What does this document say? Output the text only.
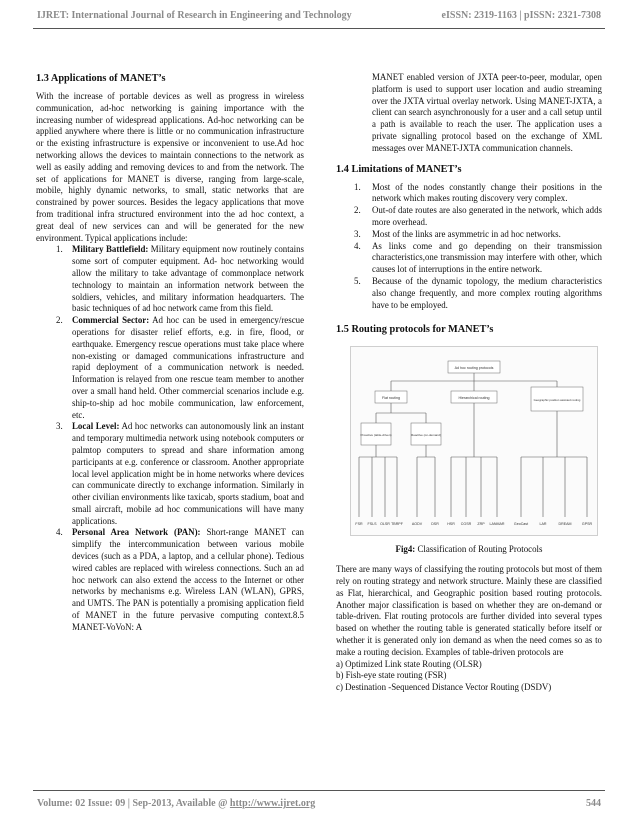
IJRET: International Journal of Research in Engineering and Technology	eISSN: 2319-1163 | pISSN: 2321-7308
1.3 Applications of MANET’s

With the increase of portable devices as well as progress in wireless communication, ad-hoc networking is gaining importance with the increasing number of widespread applications. Ad-hoc networking can be applied anywhere where there is little or no communication infrastructure or the existing infrastructure is expensive or inconvenient to use.Ad hoc networking allows the devices to maintain connections to the network as well as easily adding and removing devices to and from the network. The set of applications for MANET is diverse, ranging from large-scale, mobile, highly dynamic networks, to small, static networks that are constrained by power sources. Besides the legacy applications that move from traditional infra structured environment into the ad hoc context, a great deal of new services can and will be generated for the new environment. Typical applications include:

1. Military Battlefield: Military equipment now routinely contains some sort of computer equipment. Ad- hoc networking would allow the military to take advantage of commonplace network technology to maintain an information network between the soldiers, vehicles, and military information headquarters. The basic techniques of ad hoc network came from this field.
2. Commercial Sector: Ad hoc can be used in emergency/rescue operations for disaster relief efforts, e.g. in fire, flood, or earthquake. Emergency rescue operations must take place where non-existing or damaged communications infrastructure and rapid deployment of a communication network is needed. Information is relayed from one rescue team member to another over a small hand held. Other commercial scenarios include e.g. ship-to-ship ad hoc mobile communication, law enforcement, etc.
3. Local Level: Ad hoc networks can autonomously link an instant and temporary multimedia network using notebook computers or palmtop computers to spread and share information among participants at e.g. conference or classroom. Another appropriate local level application might be in home networks where devices can communicate directly to exchange information. Similarly in other civilian environments like taxicab, sports stadium, boat and small aircraft, mobile ad hoc communications will have many applications.
4. Personal Area Network (PAN): Short-range MANET can simplify the intercommunication between various mobile devices (such as a PDA, a laptop, and a cellular phone). Tedious wired cables are replaced with wireless connections. Such an ad hoc network can also extend the access to the Internet or other networks by mechanisms e.g. Wireless LAN (WLAN), GPRS, and UMTS. The PAN is potentially a promising application field of MANET in the future pervasive computing context.8.5 MANET-VoVoN: A

MANET enabled version of JXTA peer-to-peer, modular, open platform is used to support user location and audio streaming over the JXTA virtual overlay network. Using MANET-JXTA, a client can search asynchronously for a user and a call setup until a path is available to reach the user. The application uses a private signalling protocol based on the exchange of XML messages over MANET-JXTA communication channels.

1.4 Limitations of MANET’s
1. Most of the nodes constantly change their positions in the network which makes routing discovery very complex.
2. Out-of date routes are also generated in the network, which adds more overhead.
3. Most of the links are asymmetric in ad hoc networks.
4. As links come and go depending on their transmission characteristics,one transmission may interfere with other, which causes lot of interruptions in the entire network.
5. Because of the dynamic topology, the medium characteristics also change frequently, and more complex routing algorithms have to be employed.
1.5 Routing protocols for MANET’s
Ad hoc routing protocols
Flat routing	Hierarchical routing	Geographic position assisted routing
Proactive (table-driven)	Reactive (on-demand)
FSR FSLS OLSR TBRPF	AODV	DSR HSR CGSR ZRP LANMAR	GeoCast	LAR	DREAM	GPSR

Fig4: Classification of Routing Protocols

There are many ways of classifying the routing protocols but most of them rely on routing strategy and network structure. Mainly these are classified as Flat, hierarchical, and Geographic position based routing protocols. Another major classification is based on whether they are on-demand or table-driven. Flat routing protocols are further divided into several types based on whether the routing table is generated statically before itself or whether it is generated only ion demand as when the need comes so as to make a routing decision. Examples of table-driven protocols are

a) Optimized Link state Routing (OLSR)

b) Fish-eye state routing (FSR)

c) Destination -Sequenced Distance Vector Routing (DSDV)

Volume: 02 Issue: 09 | Sep-2013, Available @ http://www.ijret.org	544
